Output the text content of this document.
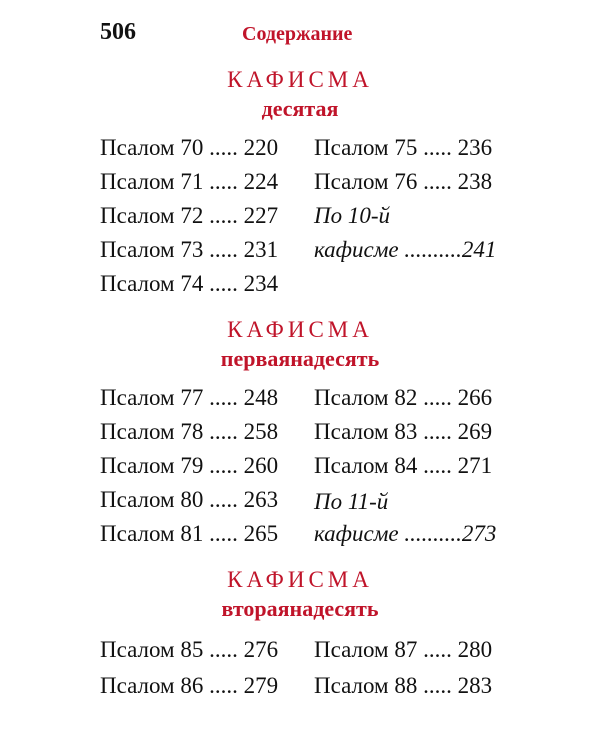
506	Содержание
КАФИСМА
десятая
Псалом 70 ..... 220
Псалом 71 ..... 224
Псалом 72 ..... 227
Псалом 73 ..... 231
Псалом 74 ..... 234
Псалом 75 ..... 236
Псалом 76 ..... 238
По 10-й
кафисме ..........241
КАФИСМА
перваянадесять
Псалом 77 ..... 248
Псалом 78 ..... 258
Псалом 79 ..... 260
Псалом 80 ..... 263
Псалом 81 ..... 265
Псалом 82 ..... 266
Псалом 83 ..... 269
Псалом 84 ..... 271
По 11-й
кафисме ..........273
КАФИСМА
втораянадесять
Псалом 85 ..... 276
Псалом 86 ..... 279
Псалом 87 ..... 280
Псалом 88 ..... 283
